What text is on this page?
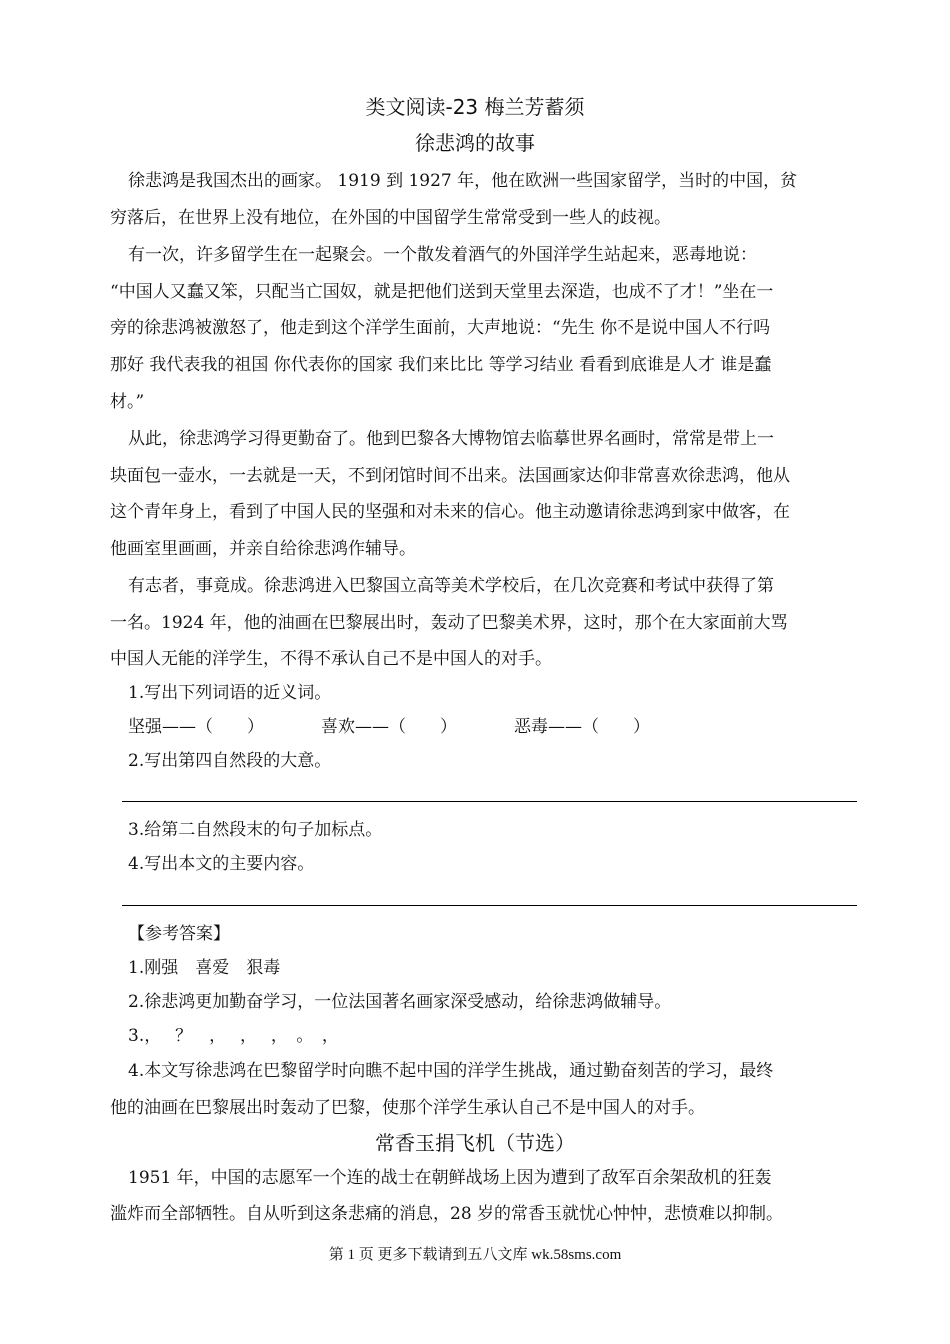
类文阅读-23 梅兰芳蓄须
徐悲鸿的故事
徐悲鸿是我国杰出的画家。 1919 到 1927 年，他在欧洲一些国家留学，当时的中国，贫
穷落后，在世界上没有地位，在外国的中国留学生常常受到一些人的歧视。
有一次，许多留学生在一起聚会。一个散发着酒气的外国洋学生站起来，恶毒地说：
“中国人又蠢又笨，只配当亡国奴，就是把他们送到天堂里去深造，也成不了才！”坐在一
旁的徐悲鸿被激怒了，他走到这个洋学生面前，大声地说：“先生 你不是说中国人不行吗
那好 我代表我的祖国 你代表你的国家 我们来比比 等学习结业 看看到底谁是人才 谁是蠢
材。”
从此，徐悲鸿学习得更勤奋了。他到巴黎各大博物馆去临摹世界名画时，常常是带上一
块面包一壶水，一去就是一天，不到闭馆时间不出来。法国画家达仰非常喜欢徐悲鸿，他从
这个青年身上，看到了中国人民的坚强和对未来的信心。他主动邀请徐悲鸿到家中做客，在
他画室里画画，并亲自给徐悲鸿作辅导。
有志者，事竟成。徐悲鸿进入巴黎国立高等美术学校后，在几次竞赛和考试中获得了第
一名。1924 年，他的油画在巴黎展出时，轰动了巴黎美术界，这时，那个在大家面前大骂
中国人无能的洋学生，不得不承认自己不是中国人的对手。
1.写出下列词语的近义词。
坚强——（　　）	喜欢——（　　）	恶毒——（　　）
2.写出第四自然段的大意。
3.给第二自然段末的句子加标点。
4.写出本文的主要内容。
【参考答案】
1.刚强　喜爱　狠毒
2.徐悲鸿更加勤奋学习，一位法国著名画家深受感动，给徐悲鸿做辅导。
3.，　 ？　，　 ，　 ，　。　，
4.本文写徐悲鸿在巴黎留学时向瞧不起中国的洋学生挑战，通过勤奋刻苦的学习，最终
他的油画在巴黎展出时轰动了巴黎，使那个洋学生承认自己不是中国人的对手。
常香玉捐飞机（节选）
1951 年，中国的志愿军一个连的战士在朝鲜战场上因为遭到了敌军百余架敌机的狂轰
滥炸而全部牺牲。自从听到这条悲痛的消息，28 岁的常香玉就忧心忡忡，悲愤难以抑制。
第 1 页 更多下载请到五八文库 wk.58sms.com
